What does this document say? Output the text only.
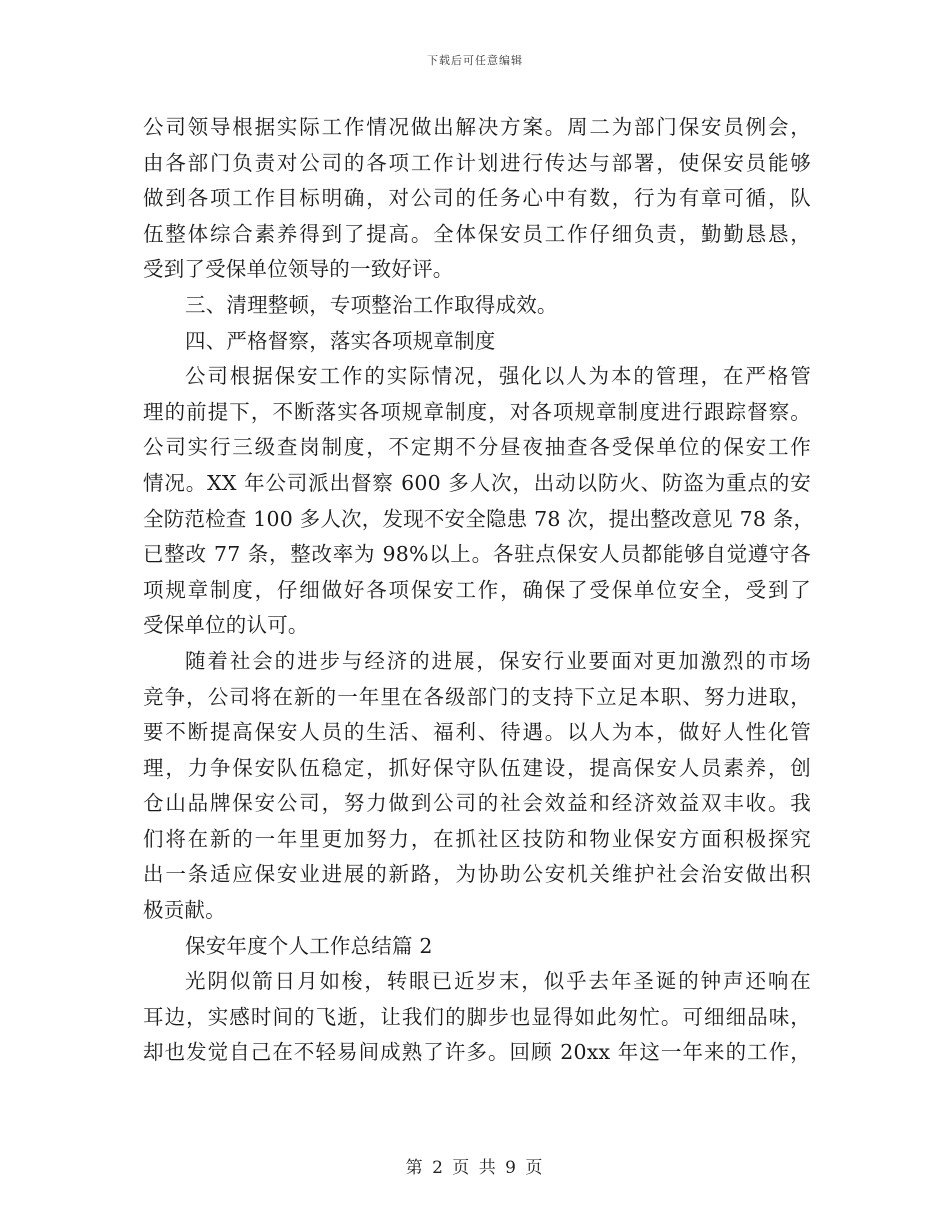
下载后可任意编辑
公司领导根据实际工作情况做出解决方案。周二为部门保安员例会，
由各部门负责对公司的各项工作计划进行传达与部署，使保安员能够
做到各项工作目标明确，对公司的任务心中有数，行为有章可循，队
伍整体综合素养得到了提高。全体保安员工作仔细负责，勤勤恳恳，
受到了受保单位领导的一致好评。
三、清理整顿，专项整治工作取得成效。
四、严格督察，落实各项规章制度
公司根据保安工作的实际情况，强化以人为本的管理，在严格管
理的前提下，不断落实各项规章制度，对各项规章制度进行跟踪督察。
公司实行三级查岗制度，不定期不分昼夜抽查各受保单位的保安工作
情况。XX 年公司派出督察 600 多人次，出动以防火、防盗为重点的安
全防范检查 100 多人次，发现不安全隐患 78 次，提出整改意见 78 条，
已整改 77 条，整改率为 98%以上。各驻点保安人员都能够自觉遵守各
项规章制度，仔细做好各项保安工作，确保了受保单位安全，受到了
受保单位的认可。
随着社会的进步与经济的进展，保安行业要面对更加激烈的市场
竞争，公司将在新的一年里在各级部门的支持下立足本职、努力进取，
要不断提高保安人员的生活、福利、待遇。以人为本，做好人性化管
理，力争保安队伍稳定，抓好保守队伍建设，提高保安人员素养，创
仓山品牌保安公司，努力做到公司的社会效益和经济效益双丰收。我
们将在新的一年里更加努力，在抓社区技防和物业保安方面积极探究
出一条适应保安业进展的新路，为协助公安机关维护社会治安做出积
极贡献。
保安年度个人工作总结篇 2
光阴似箭日月如梭，转眼已近岁末，似乎去年圣诞的钟声还响在
耳边，实感时间的飞逝，让我们的脚步也显得如此匆忙。可细细品味，
却也发觉自己在不轻易间成熟了许多。回顾 20xx 年这一年来的工作，
第 2 页 共 9 页
